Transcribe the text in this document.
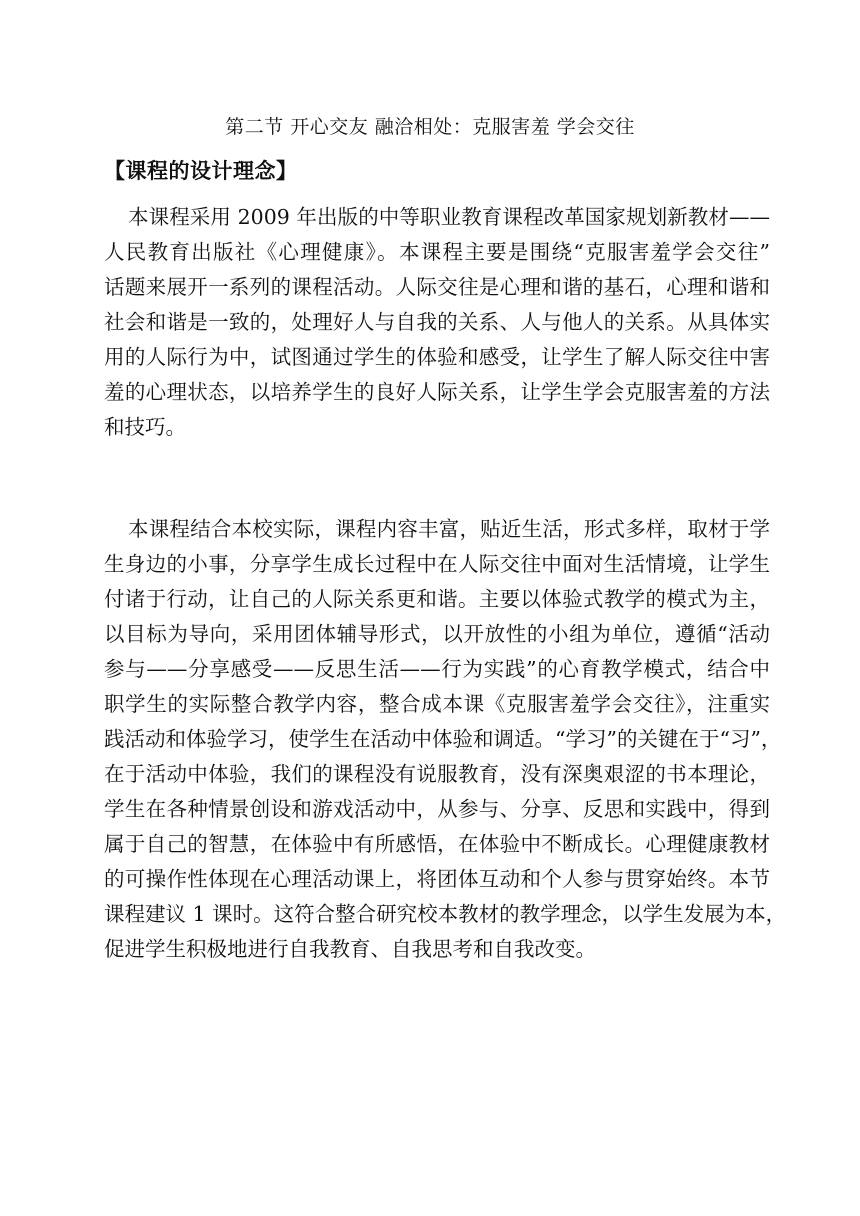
第二节 开心交友 融洽相处：克服害羞 学会交往
【课程的设计理念】
本课程采用 2009 年出版的中等职业教育课程改革国家规划新教材——
人民教育出版社《心理健康》。本课程主要是围绕“克服害羞学会交往”
话题来展开一系列的课程活动。人际交往是心理和谐的基石，心理和谐和
社会和谐是一致的，处理好人与自我的关系、人与他人的关系。从具体实
用的人际行为中，试图通过学生的体验和感受，让学生了解人际交往中害
羞的心理状态，以培养学生的良好人际关系，让学生学会克服害羞的方法
和技巧。
本课程结合本校实际，课程内容丰富，贴近生活，形式多样，取材于学
生身边的小事，分享学生成长过程中在人际交往中面对生活情境，让学生
付诸于行动，让自己的人际关系更和谐。主要以体验式教学的模式为主，
以目标为导向，采用团体辅导形式，以开放性的小组为单位，遵循“活动
参与——分享感受——反思生活——行为实践”的心育教学模式，结合中
职学生的实际整合教学内容，整合成本课《克服害羞学会交往》，注重实
践活动和体验学习，使学生在活动中体验和调适。“学习”的关键在于“习”，
在于活动中体验，我们的课程没有说服教育，没有深奥艰涩的书本理论，
学生在各种情景创设和游戏活动中，从参与、分享、反思和实践中，得到
属于自己的智慧，在体验中有所感悟，在体验中不断成长。心理健康教材
的可操作性体现在心理活动课上，将团体互动和个人参与贯穿始终。本节
课程建议 1 课时。这符合整合研究校本教材的教学理念，以学生发展为本，
促进学生积极地进行自我教育、自我思考和自我改变。
